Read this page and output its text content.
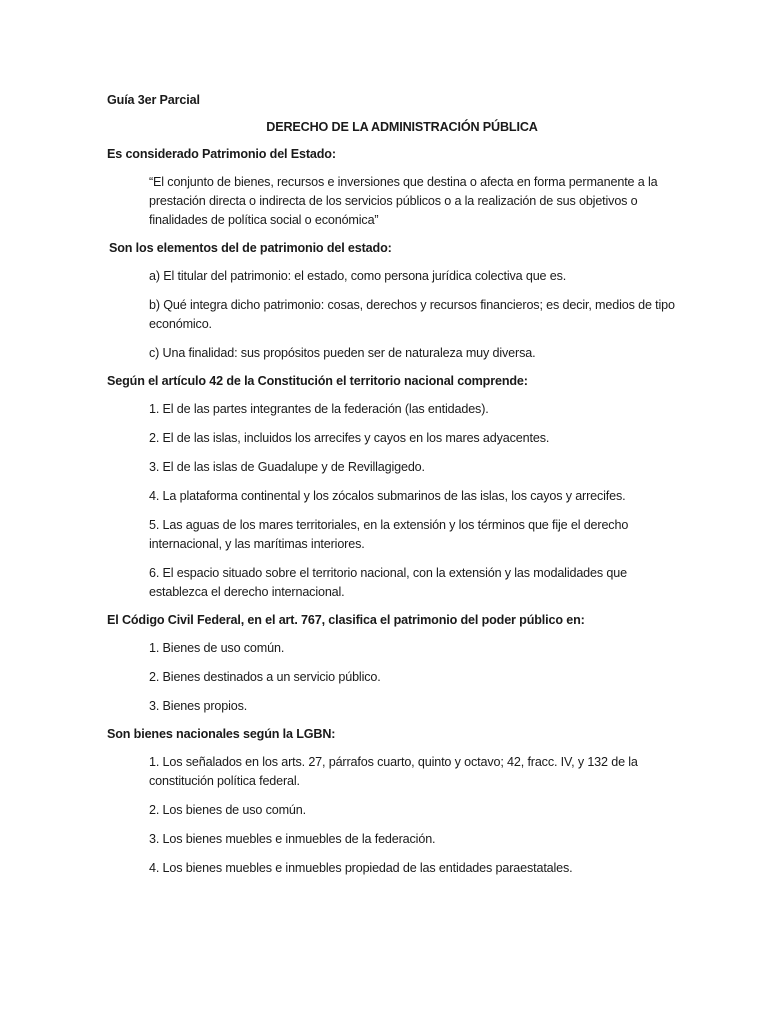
Guía 3er Parcial

DERECHO DE LA ADMINISTRACIÓN PÚBLICA

Es considerado Patrimonio del Estado:

“El conjunto de bienes, recursos e inversiones que destina o afecta en forma permanente a la prestación directa o indirecta de los servicios públicos o a la realización de sus objetivos o finalidades de política social o económica”

Son los elementos del de patrimonio del estado:

a) El titular del patrimonio: el estado, como persona jurídica colectiva que es.

b) Qué integra dicho patrimonio: cosas, derechos y recursos financieros; es decir, medios de tipo económico.

c) Una finalidad: sus propósitos pueden ser de naturaleza muy diversa.

Según el artículo 42 de la Constitución el territorio nacional comprende:

1. El de las partes integrantes de la federación (las entidades).

2. El de las islas, incluidos los arrecifes y cayos en los mares adyacentes.

3. El de las islas de Guadalupe y de Revillagigedo.

4. La plataforma continental y los zócalos submarinos de las islas, los cayos y arrecifes.

5. Las aguas de los mares territoriales, en la extensión y los términos que fije el derecho internacional, y las marítimas interiores.

6. El espacio situado sobre el territorio nacional, con la extensión y las modalidades que establezca el derecho internacional.

El Código Civil Federal, en el art. 767, clasifica el patrimonio del poder público en:

1. Bienes de uso común.

2. Bienes destinados a un servicio público.

3. Bienes propios.

Son bienes nacionales según la LGBN:

1. Los señalados en los arts. 27, párrafos cuarto, quinto y octavo; 42, fracc. IV, y 132 de la constitución política federal.

2. Los bienes de uso común.

3. Los bienes muebles e inmuebles de la federación.

4. Los bienes muebles e inmuebles propiedad de las entidades paraestatales.
